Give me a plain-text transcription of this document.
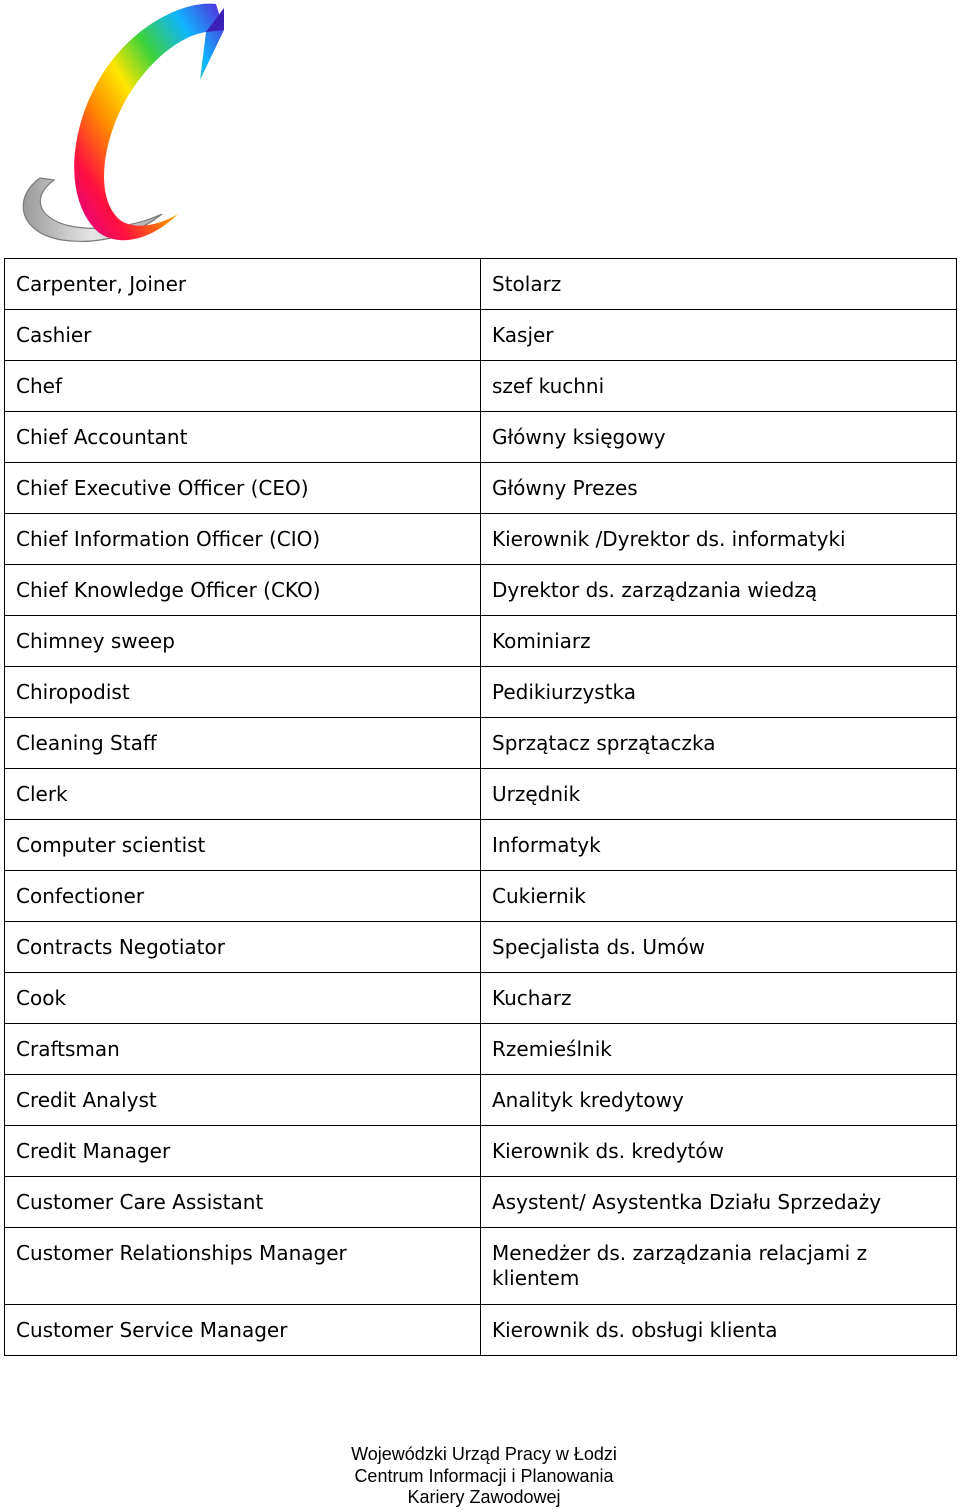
Carpenter, Joiner	Stolarz
Cashier	Kasjer
Chef	szef kuchni
Chief Accountant	Główny księgowy
Chief Executive Officer (CEO)	Główny Prezes
Chief Information Officer (CIO)	Kierownik /Dyrektor ds. informatyki
Chief Knowledge Officer (CKO)	Dyrektor ds. zarządzania wiedzą
Chimney sweep	Kominiarz
Chiropodist	Pedikiurzystka
Cleaning Staff	Sprzątacz sprzątaczka
Clerk	Urzędnik
Computer scientist	Informatyk
Confectioner	Cukiernik
Contracts Negotiator	Specjalista ds. Umów
Cook	Kucharz
Craftsman	Rzemieślnik
Credit Analyst	Analityk kredytowy
Credit Manager	Kierownik ds. kredytów
Customer Care Assistant	Asystent/ Asystentka Działu Sprzedaży
Customer Relationships Manager	Menedżer ds. zarządzania relacjami z klientem
Customer Service Manager	Kierownik ds. obsługi klienta
Wojewódzki Urząd Pracy w Łodzi
Centrum Informacji i Planowania
Kariery Zawodowej
